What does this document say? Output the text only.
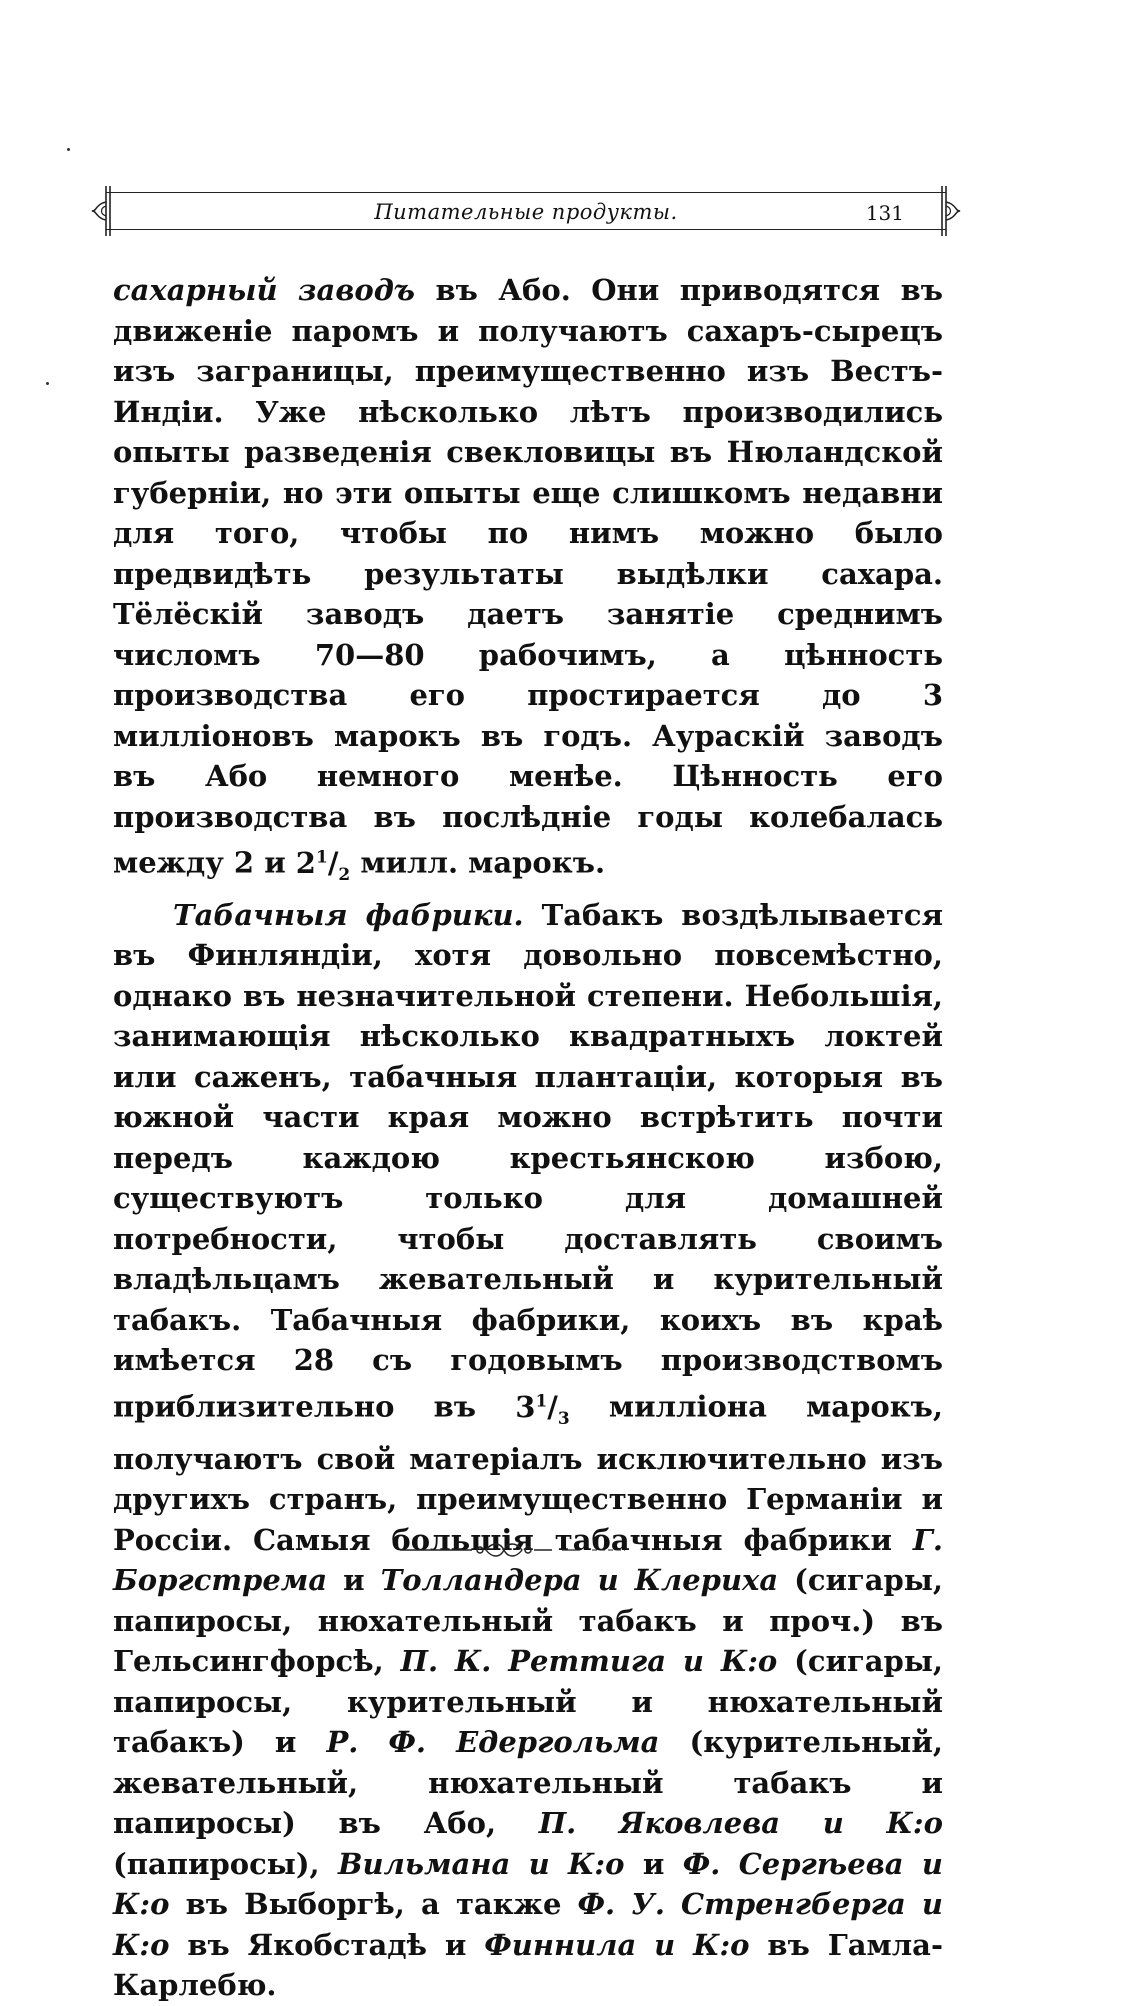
Питательные продукты.	131

сахарный заводъ въ Або. Они приводятся въ движеніе паромъ и получаютъ сахаръ-сырецъ изъ заграницы, преимущественно изъ Вестъ-Индіи. Уже нѣсколько лѣтъ производились опыты разведенія свекловицы въ Нюландской губерніи, но эти опыты еще слишкомъ недавни для того, чтобы по нимъ можно было предвидѣть результаты выдѣлки сахара. Тёлёскій заводъ даетъ занятіе среднимъ числомъ 70—80 рабочимъ, а цѣнность производства его простирается до 3 милліоновъ марокъ въ годъ. Аураскій заводъ въ Або немного менѣе. Цѣнность его производства въ послѣдніе годы колебалась между 2 и $2^1/_2$ милл. марокъ.

Табачныя фабрики. Табакъ воздѣлывается въ Финляндіи, хотя довольно повсемѣстно, однако въ незначительной степени. Небольшія, занимающія нѣсколько квадратныхъ локтей или саженъ, табачныя плантаціи, которыя въ южной части края можно встрѣтить почти передъ каждою крестьянскою избою, существуютъ только для домашней потребности, чтобы доставлять своимъ владѣльцамъ жевательный и курительный табакъ. Табачныя фабрики, коихъ въ краѣ имѣется 28 съ годовымъ производствомъ приблизительно въ $3^1/_3$ милліона марокъ, получаютъ свой матеріалъ исключительно изъ другихъ странъ, преимущественно Германіи и Россіи. Самыя большія табачныя фабрики Г. Боргстрема и Толландера и Клериха (сигары, папиросы, нюхательный табакъ и проч.) въ Гельсингфорсѣ, П. К. Реттига и К:о (сигары, папиросы, курительный и нюхательный табакъ) и Р. Ф. Едергольма (курительный, жевательный, нюхательный табакъ и папиросы) въ Або, П. Яковлева и К:о (папиросы), Вильмана и К:о и Ф. Сергѣева и К:о въ Выборгѣ, а также Ф. У. Стренгберга и К:о въ Якобстадѣ и Финнила и К:о въ Гамла-Карлебю.
